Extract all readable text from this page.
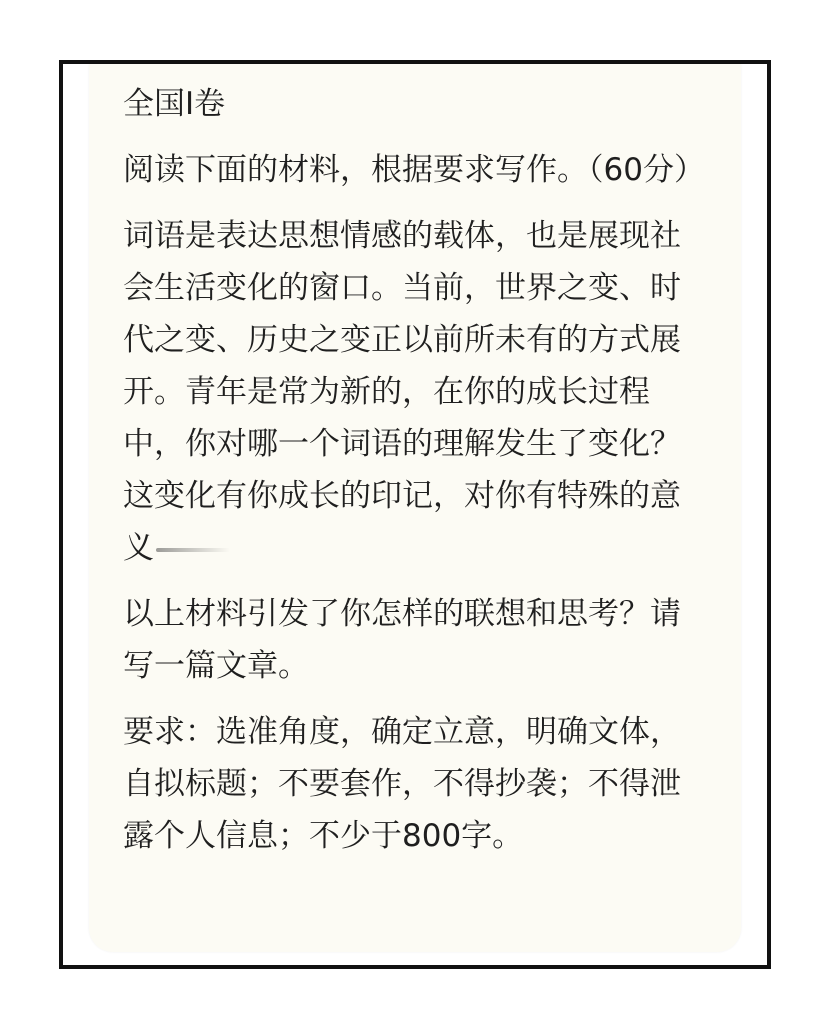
全国I卷

阅读下面的材料，根据要求写作。（60分）

词语是表达思想情感的载体，也是展现社会生活变化的窗口。当前，世界之变、时代之变、历史之变正以前所未有的方式展开。青年是常为新的，在你的成长过程中，你对哪一个词语的理解发生了变化？这变化有你成长的印记，对你有特殊的意义

以上材料引发了你怎样的联想和思考？请写一篇文章。

要求：选准角度，确定立意，明确文体，自拟标题；不要套作，不得抄袭；不得泄露个人信息；不少于800字。
